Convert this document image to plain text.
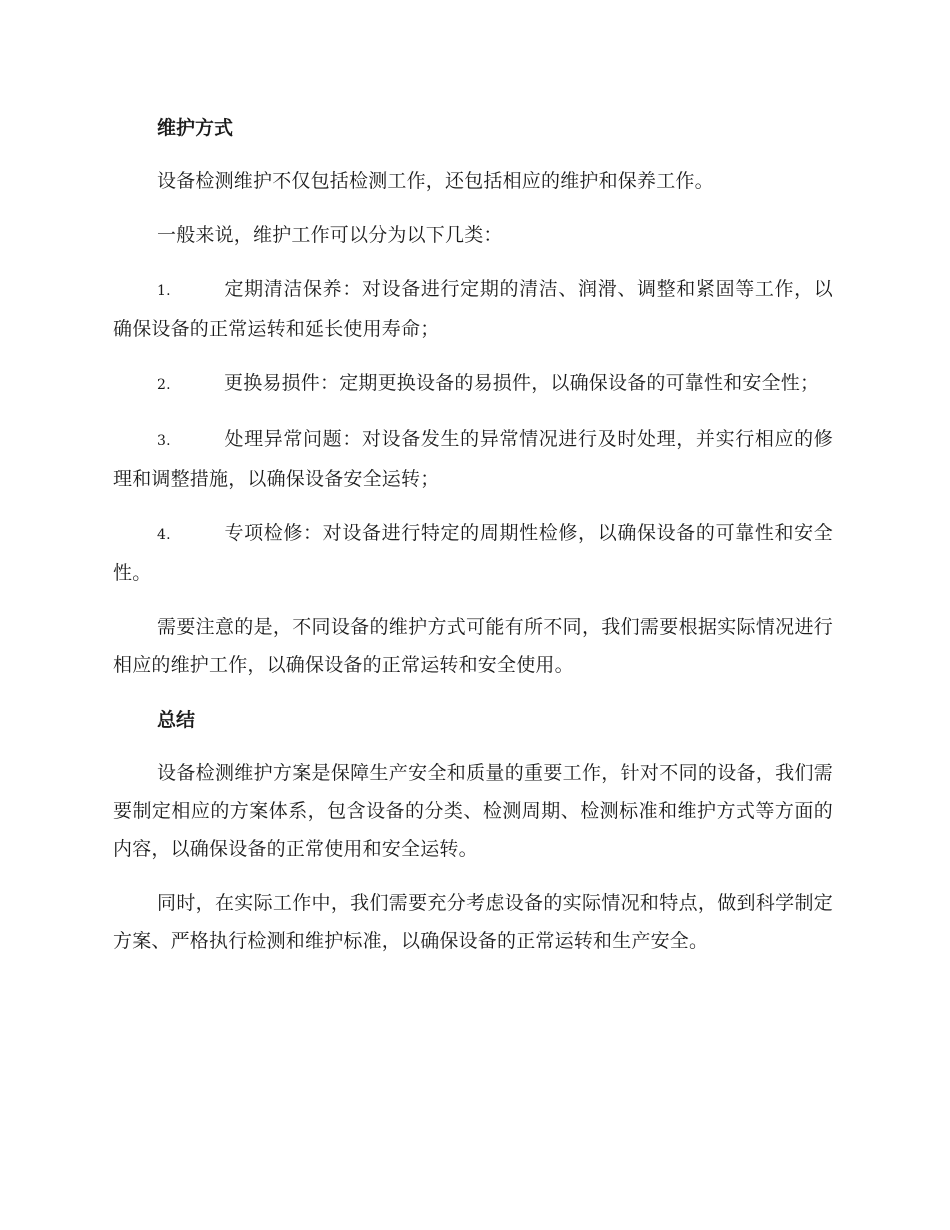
维护方式

设备检测维护不仅包括检测工作，还包括相应的维护和保养工作。

一般来说，维护工作可以分为以下几类：

1.	定期清洁保养：对设备进行定期的清洁、润滑、调整和紧固等工作，以确保设备的正常运转和延长使用寿命；

2.	更换易损件：定期更换设备的易损件，以确保设备的可靠性和安全性；

3.	处理异常问题：对设备发生的异常情况进行及时处理，并实行相应的修理和调整措施，以确保设备安全运转；

4.	专项检修：对设备进行特定的周期性检修，以确保设备的可靠性和安全性。

需要注意的是，不同设备的维护方式可能有所不同，我们需要根据实际情况进行相应的维护工作，以确保设备的正常运转和安全使用。

总结

设备检测维护方案是保障生产安全和质量的重要工作，针对不同的设备，我们需要制定相应的方案体系，包含设备的分类、检测周期、检测标准和维护方式等方面的内容，以确保设备的正常使用和安全运转。

同时，在实际工作中，我们需要充分考虑设备的实际情况和特点，做到科学制定方案、严格执行检测和维护标准，以确保设备的正常运转和生产安全。
